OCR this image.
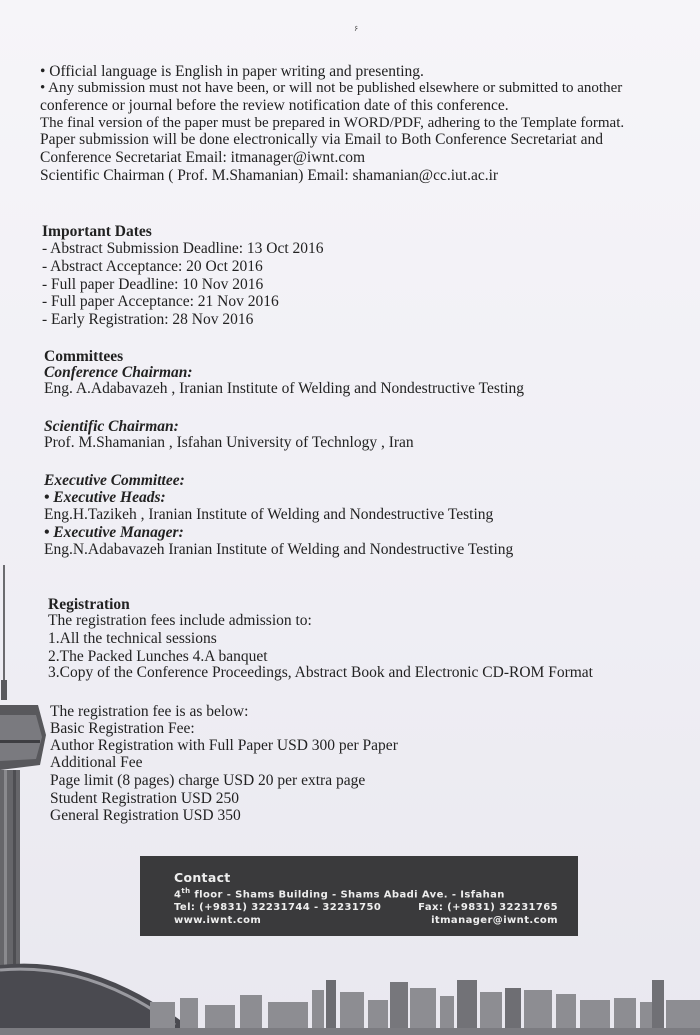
۶
• Official language is English in paper writing and presenting.
• Any submission must not have been, or will not be published elsewhere or submitted to another
conference or journal before the review notification date of this conference.
The final version of the paper must be prepared in WORD/PDF, adhering to the Template format.
Paper submission will be done electronically via Email to Both Conference Secretariat and
Conference Secretariat Email: itmanager@iwnt.com
Scientific Chairman ( Prof. M.Shamanian) Email: shamanian@cc.iut.ac.ir
Important Dates
- Abstract Submission Deadline: 13 Oct 2016
- Abstract Acceptance: 20 Oct 2016
- Full paper Deadline: 10 Nov 2016
- Full paper Acceptance: 21 Nov 2016
- Early Registration: 28 Nov 2016
Committees
Conference Chairman:
Eng. A.Adabavazeh , Iranian Institute of Welding and Nondestructive Testing
Scientific Chairman:
Prof. M.Shamanian , Isfahan University of Technlogy , Iran
Executive Committee:
• Executive Heads:
Eng.H.Tazikeh , Iranian Institute of Welding and Nondestructive Testing
• Executive Manager:
Eng.N.Adabavazeh Iranian Institute of Welding and Nondestructive Testing
Registration
The registration fees include admission to:
1.All the technical sessions
2.The Packed Lunches 4.A banquet
3.Copy of the Conference Proceedings, Abstract Book and Electronic CD-ROM Format
The registration fee is as below:
Basic Registration Fee:
Author Registration with Full Paper USD 300 per Paper
Additional Fee
Page limit (8 pages) charge USD 20 per extra page
Student Registration USD 250
General Registration USD 350
Contact
4th floor - Shams Building - Shams Abadi Ave. - Isfahan
Tel: (+9831) 32231744 - 32231750	Fax: (+9831) 32231765
www.iwnt.com	itmanager@iwnt.com
